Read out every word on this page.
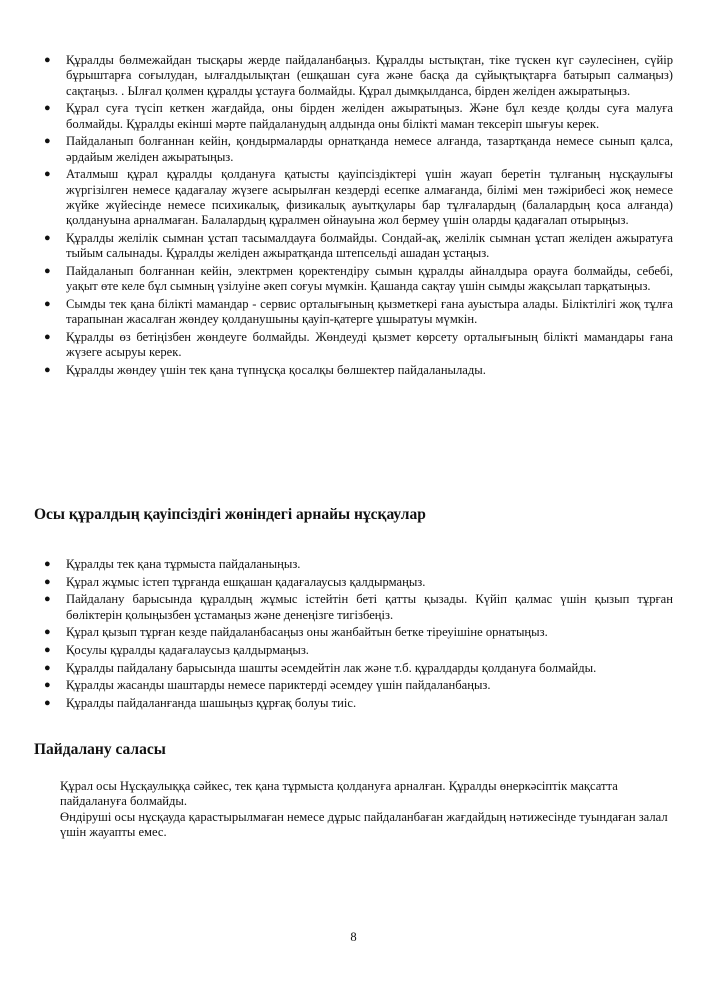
● Құралды бөлмежайдан тысқары жерде пайдаланбаңыз. Құралды ыстықтан, тіке түскен күг сәулесінен, сүйір бұрыштарға соғылудан, ылғалдылықтан (ешқашан суға және басқа да сұйықтықтарға батырып салмаңыз) сақтаңыз. . Ылғал қолмен құралды ұстауға болмайды. Құрал дымқылданса, бірден желіден ажыратыңыз.
● Құрал суға түсіп кеткен жағдайда, оны бірден желіден ажыратыңыз. Және бұл кезде қолды суға малуға болмайды. Құралды екінші мәрте пайдаланудың алдында оны білікті маман тексеріп шығуы керек.
● Пайдаланып болғаннан кейін, қондырмаларды орнатқанда немесе алғанда, тазартқанда немесе сынып қалса, әрдайым желіден ажыратыңыз.
● Аталмыш құрал құралды қолдануға қатысты қауіпсіздіктері үшін жауап беретін тұлғаның нұсқаулығы жүргізілген немесе қадағалау жүзеге асырылған кездерді есепке алмағанда, білімі мен тәжірибесі жоқ немесе жүйке жүйесінде немесе психикалық, физикалық ауытқулары бар тұлғалардың (балалардың қоса алғанда) қолдануына арналмаған. Балалардың құралмен ойнауына жол бермеу үшін оларды қадағалап отырыңыз.
● Құралды желілік сымнан ұстап тасымалдауға болмайды. Сондай-ақ, желілік сымнан ұстап желіден ажыратуға тыйым салынады. Құралды желіден ажыратқанда штепсельді ашадан ұстаңыз.
● Пайдаланып болғаннан кейін, электрмен қоректендіру сымын құралды айналдыра орауға болмайды, себебі, уақыт өте келе бұл сымның үзілуіне әкеп соғуы мүмкін. Қашанда сақтау үшін сымды жақсылап тарқатыңыз.
● Сымды тек қана білікті мамандар - сервис орталығының қызметкері ғана ауыстыра алады. Біліктілігі жоқ тұлға тарапынан жасалған жөндеу қолданушыны қауіп-қатерге ұшыратуы мүмкін.
● Құралды өз бетіңізбен жөндеуге болмайды. Жөндеуді қызмет көрсету орталығының білікті мамандары ғана жүзеге асыруы керек.
● Құралды жөндеу үшін тек қана түпнұсқа қосалқы бөлшектер пайдаланылады.
Осы құралдың қауіпсіздігі жөніндегі арнайы нұсқаулар
● Құралды тек қана тұрмыста пайдаланыңыз.
● Құрал жұмыс істеп тұрғанда ешқашан қадағалаусыз қалдырмаңыз.
● Пайдалану барысында құралдың жұмыс істейтін беті қатты қызады. Күйіп қалмас үшін қызып тұрған бөліктерін қолыңызбен ұстамаңыз және денеңізге тигізбеңіз.
● Құрал қызып тұрған кезде пайдаланбасаңыз оны жанбайтын бетке тіреуішіне орнатыңыз.
● Қосулы құралды қадағалаусыз қалдырмаңыз.
● Құралды пайдалану барысында шашты әсемдейтін лак және т.б. құралдарды қолдануға болмайды.
● Құралды жасанды шаштарды немесе париктерді әсемдеу үшін пайдаланбаңыз.
● Құралды пайдаланғанда шашыңыз құрғақ болуы тиіс.
Пайдалану саласы
Құрал осы Нұсқаулыққа сәйкес, тек қана тұрмыста қолдануға арналған. Құралды өнеркәсіптік мақсатта пайдалануға болмайды.
Өндіруші осы нұсқауда қарастырылмаған немесе дұрыс пайдаланбаған жағдайдың нәтижесінде туындаған залал үшін жауапты емес.
8
